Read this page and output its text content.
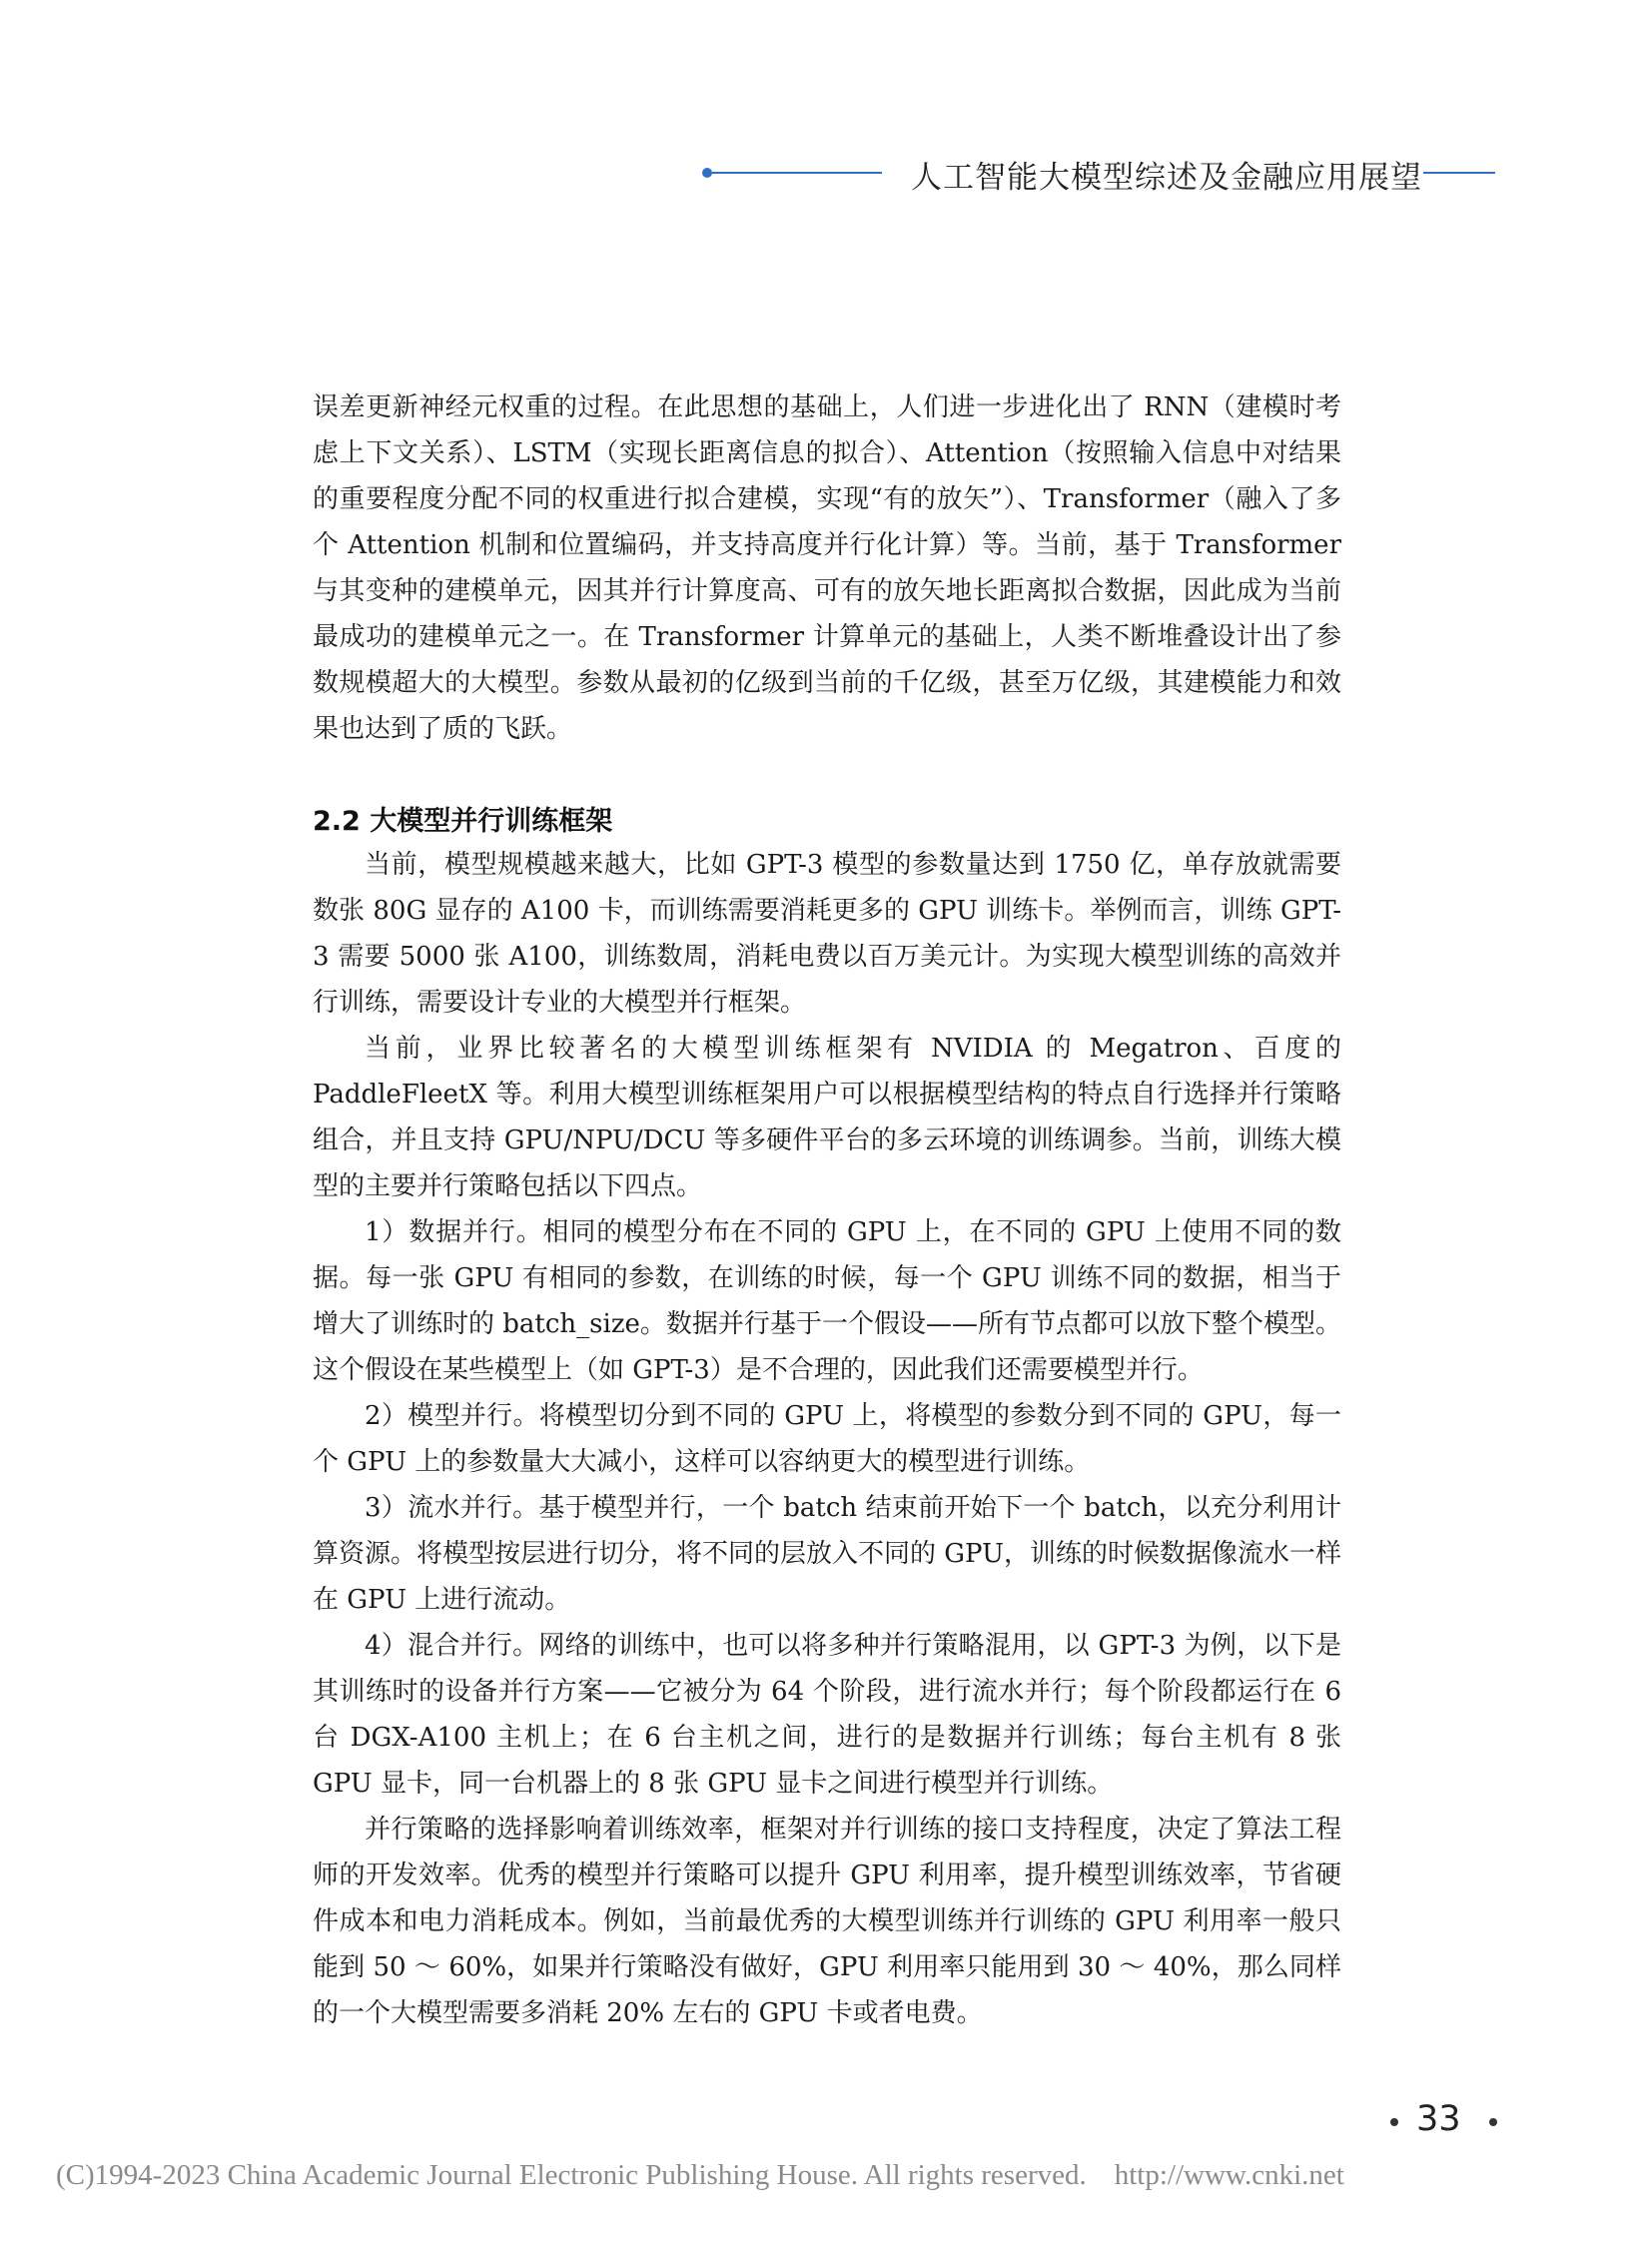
人工智能大模型综述及金融应用展望

误差更新神经元权重的过程。在此思想的基础上，人们进一步进化出了 RNN（建模时考虑上下文关系）、LSTM（实现长距离信息的拟合）、Attention（按照输入信息中对结果的重要程度分配不同的权重进行拟合建模，实现“有的放矢”）、Transformer（融入了多个 Attention 机制和位置编码，并支持高度并行化计算）等。当前，基于 Transformer 与其变种的建模单元，因其并行计算度高、可有的放矢地长距离拟合数据，因此成为当前最成功的建模单元之一。在 Transformer 计算单元的基础上，人类不断堆叠设计出了参数规模超大的大模型。参数从最初的亿级到当前的千亿级，甚至万亿级，其建模能力和效果也达到了质的飞跃。

2.2 大模型并行训练框架

当前，模型规模越来越大，比如 GPT-3 模型的参数量达到 1750 亿，单存放就需要数张 80G 显存的 A100 卡，而训练需要消耗更多的 GPU 训练卡。举例而言，训练 GPT-3 需要 5000 张 A100，训练数周，消耗电费以百万美元计。为实现大模型训练的高效并行训练，需要设计专业的大模型并行框架。

当前，业界比较著名的大模型训练框架有 NVIDIA 的 Megatron、百度的 PaddleFleetX 等。利用大模型训练框架用户可以根据模型结构的特点自行选择并行策略组合，并且支持 GPU/NPU/DCU 等多硬件平台的多云环境的训练调参。当前，训练大模型的主要并行策略包括以下四点。

1）数据并行。相同的模型分布在不同的 GPU 上，在不同的 GPU 上使用不同的数据。每一张 GPU 有相同的参数，在训练的时候，每一个 GPU 训练不同的数据，相当于增大了训练时的 batch_size。数据并行基于一个假设——所有节点都可以放下整个模型。这个假设在某些模型上（如 GPT-3）是不合理的，因此我们还需要模型并行。

2）模型并行。将模型切分到不同的 GPU 上，将模型的参数分到不同的 GPU，每一个 GPU 上的参数量大大减小，这样可以容纳更大的模型进行训练。

3）流水并行。基于模型并行，一个 batch 结束前开始下一个 batch，以充分利用计算资源。将模型按层进行切分，将不同的层放入不同的 GPU，训练的时候数据像流水一样在 GPU 上进行流动。

4）混合并行。网络的训练中，也可以将多种并行策略混用，以 GPT-3 为例，以下是其训练时的设备并行方案——它被分为 64 个阶段，进行流水并行；每个阶段都运行在 6 台 DGX-A100 主机上；在 6 台主机之间，进行的是数据并行训练；每台主机有 8 张 GPU 显卡，同一台机器上的 8 张 GPU 显卡之间进行模型并行训练。

并行策略的选择影响着训练效率，框架对并行训练的接口支持程度，决定了算法工程师的开发效率。优秀的模型并行策略可以提升 GPU 利用率，提升模型训练效率，节省硬件成本和电力消耗成本。例如，当前最优秀的大模型训练并行训练的 GPU 利用率一般只能到 50 ～ 60%，如果并行策略没有做好，GPU 利用率只能用到 30 ～ 40%，那么同样的一个大模型需要多消耗 20% 左右的 GPU 卡或者电费。

33
(C)1994-2023 China Academic Journal Electronic Publishing House. All rights reserved. http://www.cnki.net
